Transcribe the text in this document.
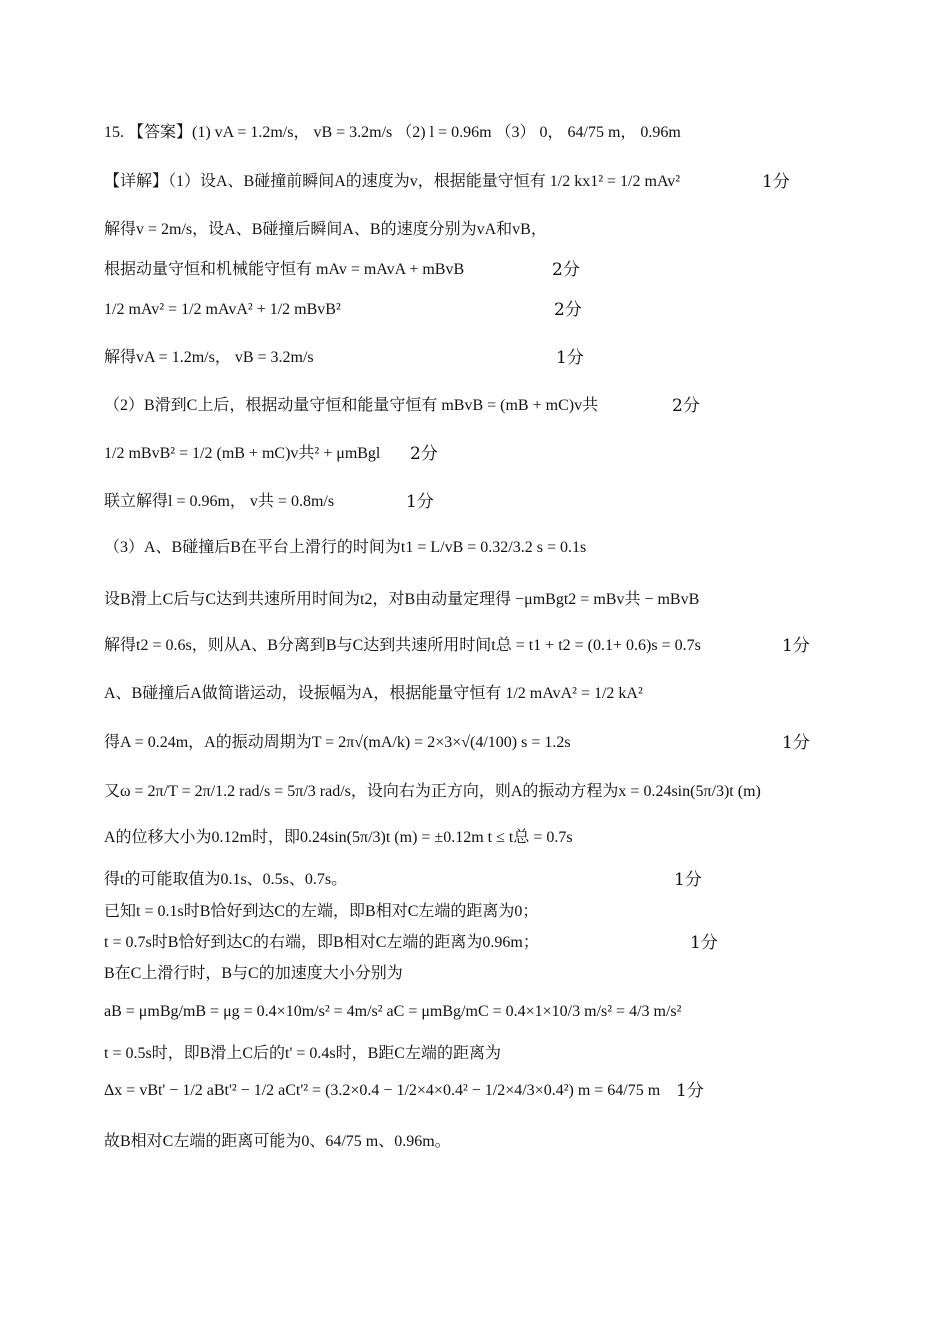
15. 【答案】(1) vA = 1.2m/s， vB = 3.2m/s （2) l = 0.96m （3） 0， 64/75 m， 0.96m
【详解】（1）设A、B碰撞前瞬间A的速度为v，根据能量守恒有 1/2 kx1² = 1/2 mAv²	1分
解得v = 2m/s，设A、B碰撞后瞬间A、B的速度分别为vA和vB，
根据动量守恒和机械能守恒有 mAv = mAvA + mBvB	2分
1/2 mAv² = 1/2 mAvA² + 1/2 mBvB²	2分
解得vA = 1.2m/s， vB = 3.2m/s	1分
（2）B滑到C上后，根据动量守恒和能量守恒有 mBvB = (mB + mC)v共	2分
1/2 mBvB² = 1/2 (mB + mC)v共² + μmBgl 2分
联立解得l = 0.96m， v共 = 0.8m/s	1分
（3）A、B碰撞后B在平台上滑行的时间为t1 = L/vB = 0.32/3.2 s = 0.1s
设B滑上C后与C达到共速所用时间为t2，对B由动量定理得 −μmBgt2 = mBv共 − mBvB
解得t2 = 0.6s，则从A、B分离到B与C达到共速所用时间t总 = t1 + t2 = (0.1+ 0.6)s = 0.7s	1分
A、B碰撞后A做简谐运动，设振幅为A，根据能量守恒有 1/2 mAvA² = 1/2 kA²
得A = 0.24m，A的振动周期为T = 2π√(mA/k) = 2×3×√(4/100) s = 1.2s	1分
又ω = 2π/T = 2π/1.2 rad/s = 5π/3 rad/s，设向右为正方向，则A的振动方程为x = 0.24sin(5π/3)t (m)
A的位移大小为0.12m时，即0.24sin(5π/3)t (m) = ±0.12m t ≤ t总 = 0.7s
得t的可能取值为0.1s、0.5s、0.7s。	1分
已知t = 0.1s时B恰好到达C的左端，即B相对C左端的距离为0；
t = 0.7s时B恰好到达C的右端，即B相对C左端的距离为0.96m；	1分
B在C上滑行时，B与C的加速度大小分别为
aB = μmBg/mB = μg = 0.4×10m/s² = 4m/s² aC = μmBg/mC = 0.4×1×10/3 m/s² = 4/3 m/s²
t = 0.5s时，即B滑上C后的t' = 0.4s时，B距C左端的距离为
Δx = vBt' − 1/2 aBt'² − 1/2 aCt'² = (3.2×0.4 − 1/2×4×0.4² − 1/2×4/3×0.4²) m = 64/75 m 1分
故B相对C左端的距离可能为0、64/75 m、0.96m。
